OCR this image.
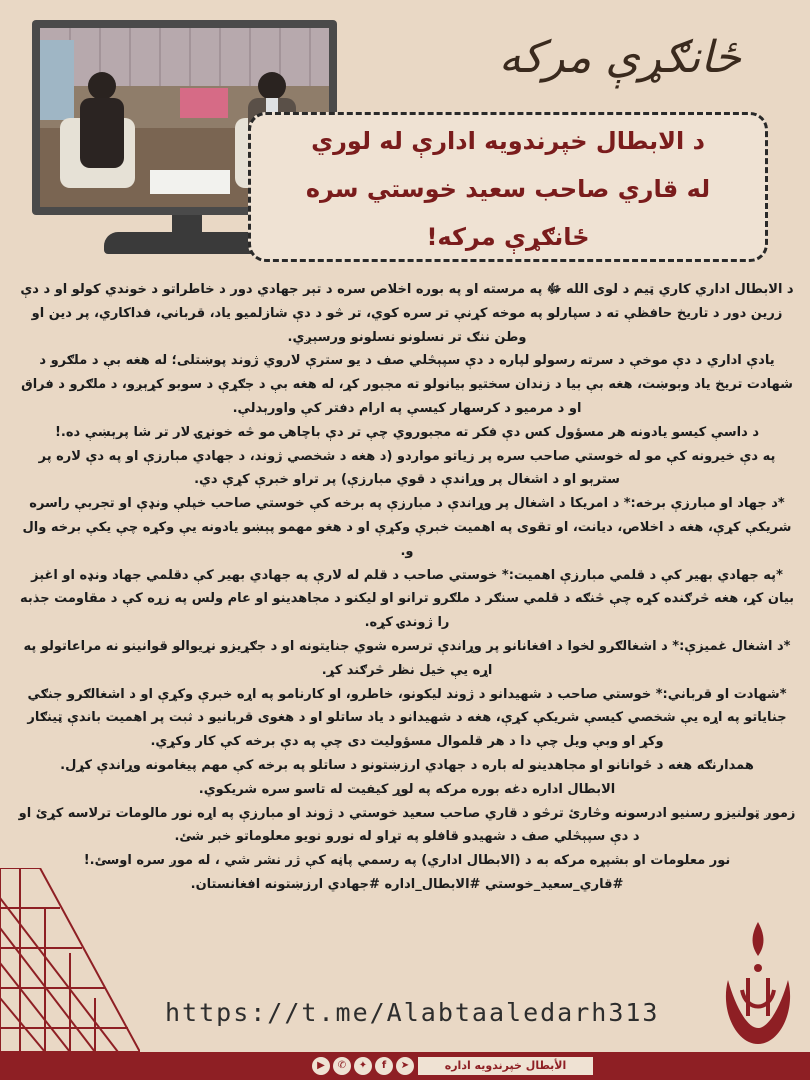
ځانګړې مرکه
د الابطال خپرندویه ادارې له لوري
له قاري صاحب سعید خوستي سره
ځانګړې مرکه!

د الابطال اداري کاري ټیم د لوی الله ﷻ په مرسته او په بوره اخلاص سره د تېر جهادي دور د خاطراتو د خوندي کولو او د دې زرین دور د تاریخ حافظې ته د سپارلو په موخه کړنې تر سره کوي، تر څو د دې شازلمیو یاد، قرباني، فداکاري، پر دین او وطن ننګ تر نسلونو نسلونو ورسېږي.

یادې اداري د دې موخې د سرته رسولو لپاره د دې سپېڅلي صف د یو سترې لاروي ژوند پوښتلی؛ له هغه بې د ملګرو د شهادت تریخ یاد وبوښت، هغه بې بیا د زندان سختیو بیانولو ته مجبور کړ، له هغه بې د جګړې د سوبو کړېږو، د ملګرو د فراق او د مرمیو د کرسهار کیسې په ارام دفتر کې واورېدلې.

د داسې کیسو یادونه هر مسؤول کس دې فکر ته مجبوروي چې تر دې باچاهۍ مو څه خونړۍ لار تر شا پرېښې ده.!

په دې خیرونه کې مو له خوستي صاحب سره پر زیاتو مواردو (د هغه د شخصي ژوند، د جهادي مبارزې او په دې لاره پر سترېو او د اشغال پر وړاندې د قوي مبارزې) پر تراو خبرې کړې دي.

*د جهاد او مبارزې برخه:* د امریکا د اشغال پر وړاندې د مبارزې په برخه کې خوستي صاحب خپلې ونډې او تجربې راسره شریکې کړې، هغه د اخلاص، دیانت، او تقوی په اهمیت خبرې وکړې او د هغو مهمو پېښو یادونه یې وکړه چې یکې برخه وال و.

*په جهادي بهیر کې د قلمي مبارزې اهمیت:* خوستي صاحب د قلم له لارې په جهادي بهیر کې دقلمي جهاد ونډه او اغېز بیان کړ، هغه څرګنده کړه چې څنګه د قلمي سنګر د ملګرو ترانو او لیکنو د مجاهدینو او عام ولس په زړه کې د مقاومت جذبه را ژوندۍ کړه.

*د اشغال غمیزې:* د اشغالګرو لخوا د افغانانو پر وړاندې ترسره شوي جنایتونه او د جګړیزو نړیوالو قوانینو نه مراعاتولو په اړه یې خیل نظر څرګند کړ.

*شهادت او قرباني:* خوستي صاحب د شهیدانو د ژوند لیکونو، خاطرو، او کارنامو په اړه خبرې وکړې او د اشغالګرو جنګي جنایاتو په اړه یې شخصي کیسې شریکې کړې، هغه د شهیدانو د یاد ساتلو او د هغوی قربانیو د ثبت پر اهمیت باندې ټینګار وکړ او وبې ویل چې دا د هر قلموال مسؤولیت دی چې په دې برخه کې کار وکړي.

همدارنګه هغه د ځوانانو او مجاهدینو له باره د جهادي ارزښتونو د ساتلو په برخه کې مهم پیغامونه وړاندې کړل.

الابطال اداره دغه بوره مرکه په لوړ کیفیت له تاسو سره شریکوي.

زموږ ټولنیزو رسنیو ادرسونه وڅارئ ترڅو د قاري صاحب سعید خوستي د ژوند او مبارزې په اړه نور مالومات ترلاسه کړئ او د دې سپېڅلي صف د شهیدو قافلو په تړاو له نورو نویو معلوماتو خبر شئ.

نور معلومات او بشپړه مرکه به د (الابطال اداري) په رسمي پاڼه کې ژر نشر شي ، له موږ سره اوسئ.!

#قاري_سعید_خوستي #الابطال_اداره #جهادي ارزښتونه افغانستان.

https://t.me/Alabtaaledarh313
▶	✆	✦	f	➤	الأبطال خپرندویه اداره
